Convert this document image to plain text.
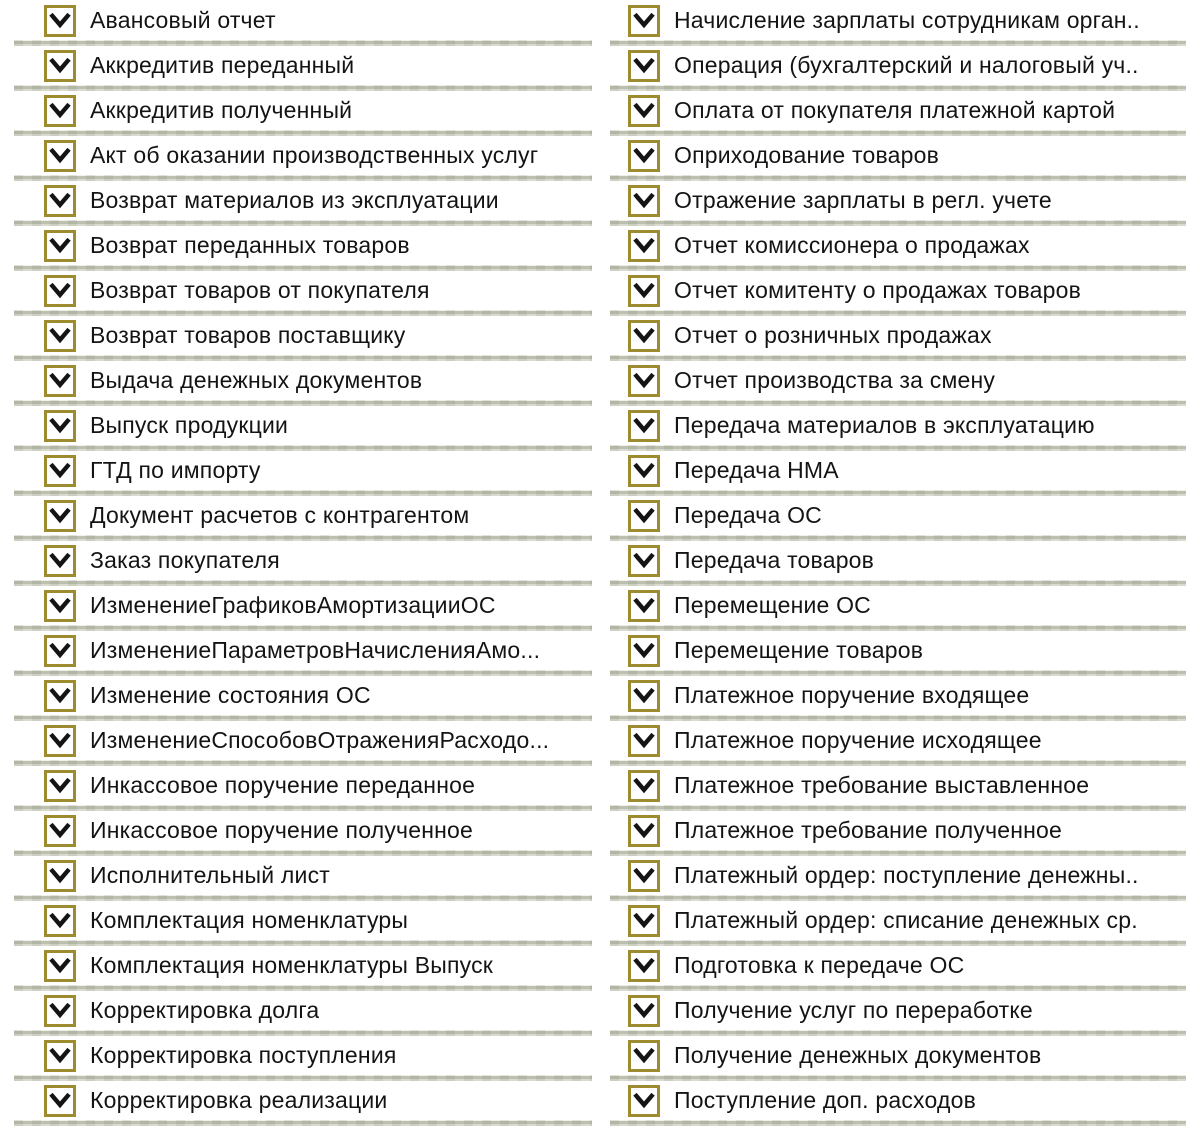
Авансовый отчет
Аккредитив переданный
Аккредитив полученный
Акт об оказании производственных услуг
Возврат материалов из эксплуатации
Возврат переданных товаров
Возврат товаров от покупателя
Возврат товаров поставщику
Выдача денежных документов
Выпуск продукции
ГТД по импорту
Документ расчетов с контрагентом
Заказ покупателя
ИзменениеГрафиковАмортизацииОС
ИзменениеПараметровНачисленияАмо...
Изменение состояния ОС
ИзменениеСпособовОтраженияРасходо...
Инкассовое поручение переданное
Инкассовое поручение полученное
Исполнительный лист
Комплектация номенклатуры
Комплектация номенклатуры Выпуск
Корректировка долга
Корректировка поступления
Корректировка реализации
Начисление зарплаты сотрудникам орган..
Операция (бухгалтерский и налоговый уч..
Оплата от покупателя платежной картой
Оприходование товаров
Отражение зарплаты в регл. учете
Отчет комиссионера о продажах
Отчет комитенту о продажах товаров
Отчет о розничных продажах
Отчет производства за смену
Передача материалов в эксплуатацию
Передача НМА
Передача ОС
Передача товаров
Перемещение ОС
Перемещение товаров
Платежное поручение входящее
Платежное поручение исходящее
Платежное требование выставленное
Платежное требование полученное
Платежный ордер: поступление денежны..
Платежный ордер: списание денежных ср.
Подготовка к передаче ОС
Получение услуг по переработке
Получение денежных документов
Поступление доп. расходов
